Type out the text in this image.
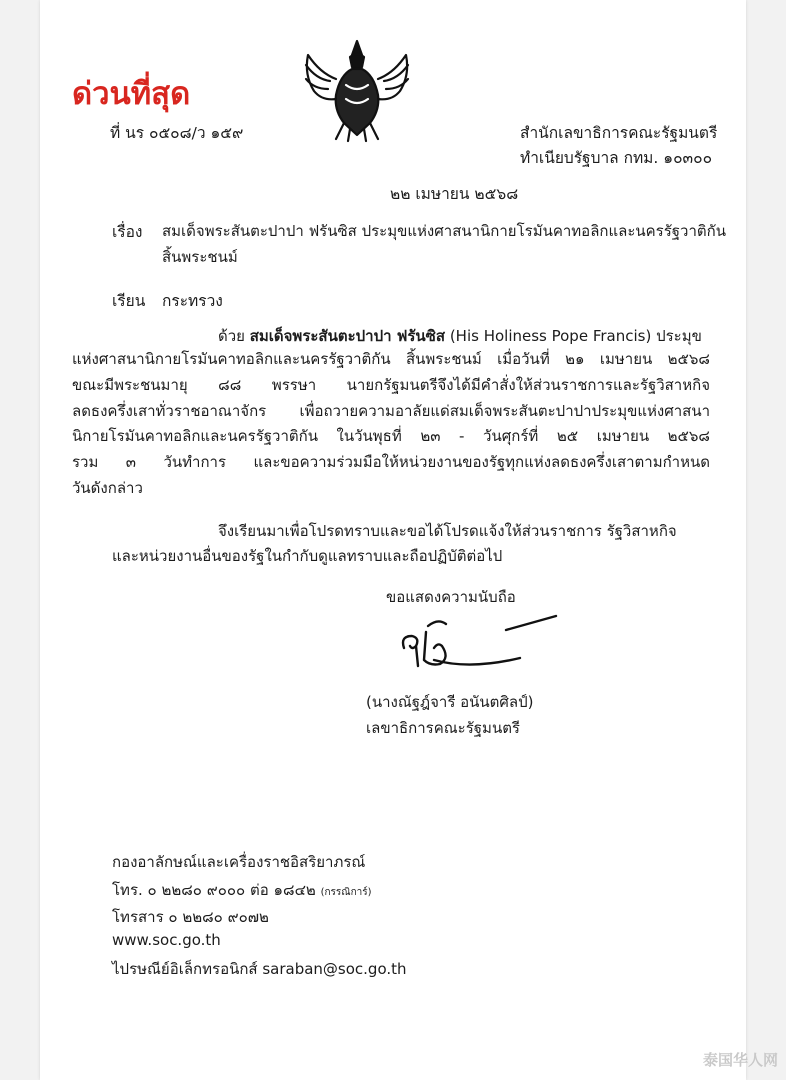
ด่วนที่สุด
ที่ นร ๐๕๐๘/ว ๑๕๙	สำนักเลขาธิการคณะรัฐมนตรี
ทำเนียบรัฐบาล กทม. ๑๐๓๐๐
๒๒ เมษายน ๒๕๖๘
เรื่อง สมเด็จพระสันตะปาปา ฟรันซิส ประมุขแห่งศาสนานิกายโรมันคาทอลิกและนครรัฐวาติกัน
สิ้นพระชนม์
เรียน กระทรวง
ด้วย สมเด็จพระสันตะปาปา ฟรันซิส (His Holiness Pope Francis) ประมุข
แห่งศาสนานิกายโรมันคาทอลิกและนครรัฐวาติกัน สิ้นพระชนม์ เมื่อวันที่ ๒๑ เมษายน ๒๕๖๘
ขณะมีพระชนมายุ ๘๘ พรรษา นายกรัฐมนตรีจึงได้มีคำสั่งให้ส่วนราชการและรัฐวิสาหกิจ
ลดธงครึ่งเสาทั่วราชอาณาจักร เพื่อถวายความอาลัยแด่สมเด็จพระสันตะปาปาประมุขแห่งศาสนา
นิกายโรมันคาทอลิกและนครรัฐวาติกัน ในวันพุธที่ ๒๓ - วันศุกร์ที่ ๒๕ เมษายน ๒๕๖๘
รวม ๓ วันทำการ และขอความร่วมมือให้หน่วยงานของรัฐทุกแห่งลดธงครึ่งเสาตามกำหนด
วันดังกล่าว
จึงเรียนมาเพื่อโปรดทราบและขอได้โปรดแจ้งให้ส่วนราชการ รัฐวิสาหกิจ
และหน่วยงานอื่นของรัฐในกำกับดูแลทราบและถือปฏิบัติต่อไป
ขอแสดงความนับถือ
(นางณัฐฎ์จารี อนันตศิลป์)
เลขาธิการคณะรัฐมนตรี
กองอาลักษณ์และเครื่องราชอิสริยาภรณ์
โทร. ๐ ๒๒๘๐ ๙๐๐๐ ต่อ ๑๘๔๒ (กรรณิการ์)
โทรสาร ๐ ๒๒๘๐ ๙๐๗๒
www.soc.go.th
ไปรษณีย์อิเล็กทรอนิกส์ saraban@soc.go.th
泰国华人网
